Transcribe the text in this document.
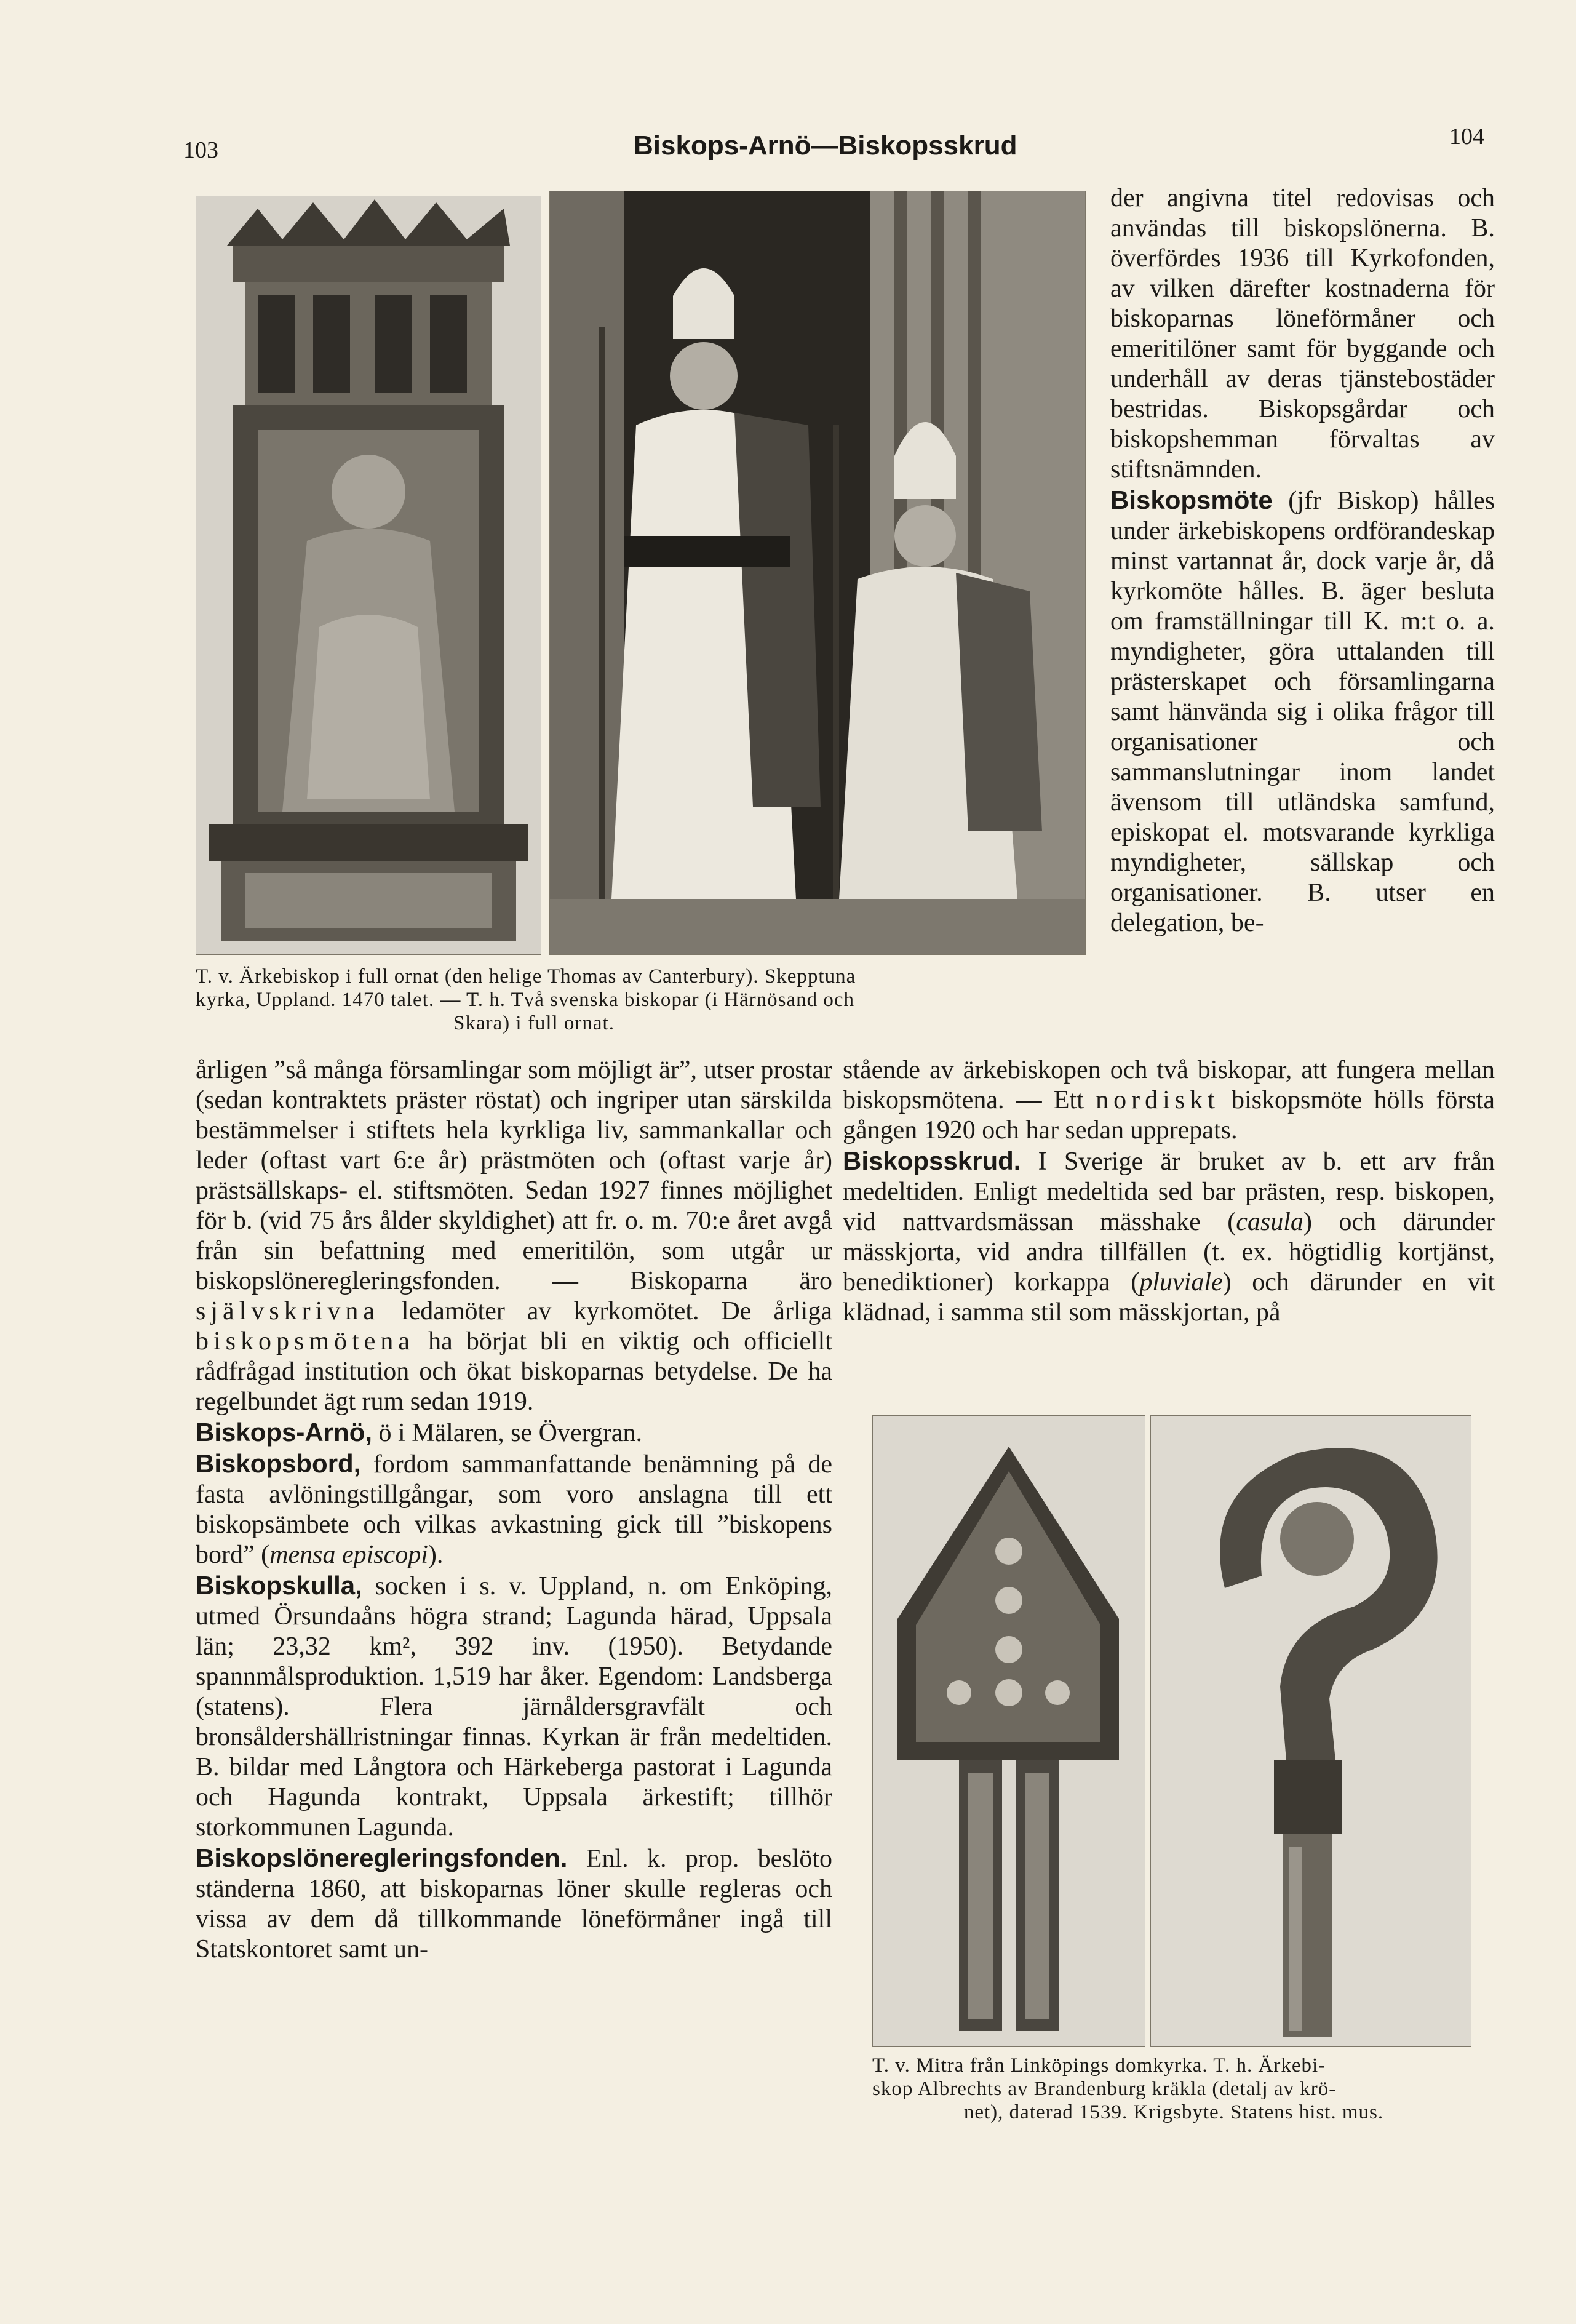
103	Biskops-Arnö—Biskopsskrud	104
T. v. Ärkebiskop i full ornat (den helige Thomas av Canterbury). Skepptuna
kyrka, Uppland. 1470 talet. — T. h. Två svenska biskopar (i Härnösand och
Skara) i full ornat.

der angivna titel redovisas och användas till biskopslönerna. B. överfördes 1936 till Kyrkofonden, av vilken därefter kostnaderna för biskoparnas löneförmåner och emeritilöner samt för byggande och underhåll av deras tjänstebostäder bestridas. Biskopsgårdar och biskopshemman förvaltas av stiftsnämnden.

Biskopsmöte (jfr Biskop) hålles under ärkebiskopens ordförandeskap minst vartannat år, dock varje år, då kyrkomöte hålles. B. äger besluta om framställningar till K. m:t o. a. myndigheter, göra uttalanden till prästerskapet och församlingarna samt hänvända sig i olika frågor till organisationer och sammanslutningar inom landet ävensom till utländska samfund, episkopat el. motsvarande kyrkliga myndigheter, sällskap och organisationer. B. utser en delegation, be-

stående av ärkebiskopen och två biskopar, att fungera mellan biskopsmötena. — Ett nordiskt biskopsmöte hölls första gången 1920 och har sedan upprepats.

Biskopsskrud. I Sverige är bruket av b. ett arv från medeltiden. Enligt medeltida sed bar prästen, resp. biskopen, vid nattvardsmässan mässhake (casula) och därunder mässkjorta, vid andra tillfällen (t. ex. högtidlig kortjänst, benediktioner) korkappa (pluviale) och därunder en vit klädnad, i samma stil som mässkjortan, på

årligen ”så många församlingar som möjligt är”, utser prostar (sedan kontraktets präster röstat) och ingriper utan särskilda bestämmelser i stiftets hela kyrkliga liv, sammankallar och leder (oftast vart 6:e år) prästmöten och (oftast varje år) prästsällskaps- el. stiftsmöten. Sedan 1927 finnes möjlighet för b. (vid 75 års ålder skyldighet) att fr. o. m. 70:e året avgå från sin befattning med emeritilön, som utgår ur biskopslöneregleringsfonden. — Biskoparna äro självskrivna ledamöter av kyrkomötet. De årliga biskopsmötena ha börjat bli en viktig och officiellt rådfrågad institution och ökat biskoparnas betydelse. De ha regelbundet ägt rum sedan 1919.

Biskops-Arnö, ö i Mälaren, se Övergran.

Biskopsbord, fordom sammanfattande benämning på de fasta avlöningstillgångar, som voro anslagna till ett biskopsämbete och vilkas avkastning gick till ”biskopens bord” (mensa episcopi).

Biskopskulla, socken i s. v. Uppland, n. om Enköping, utmed Örsundaåns högra strand; Lagunda härad, Uppsala län; 23,32 km², 392 inv. (1950). Betydande spannmålsproduktion. 1,519 har åker. Egendom: Landsberga (statens). Flera järnåldersgravfält och bronsåldershällristningar finnas. Kyrkan är från medeltiden. B. bildar med Långtora och Härkeberga pastorat i Lagunda och Hagunda kontrakt, Uppsala ärkestift; tillhör storkommunen Lagunda.

Biskopslöneregleringsfonden. Enl. k. prop. beslöto ständerna 1860, att biskoparnas löner skulle regleras och vissa av dem då tillkommande löneförmåner ingå till Statskontoret samt un-

T. v. Mitra från Linköpings domkyrka. T. h. Ärkebi-
skop Albrechts av Brandenburg kräkla (detalj av krö-
net), daterad 1539. Krigsbyte. Statens hist. mus.
